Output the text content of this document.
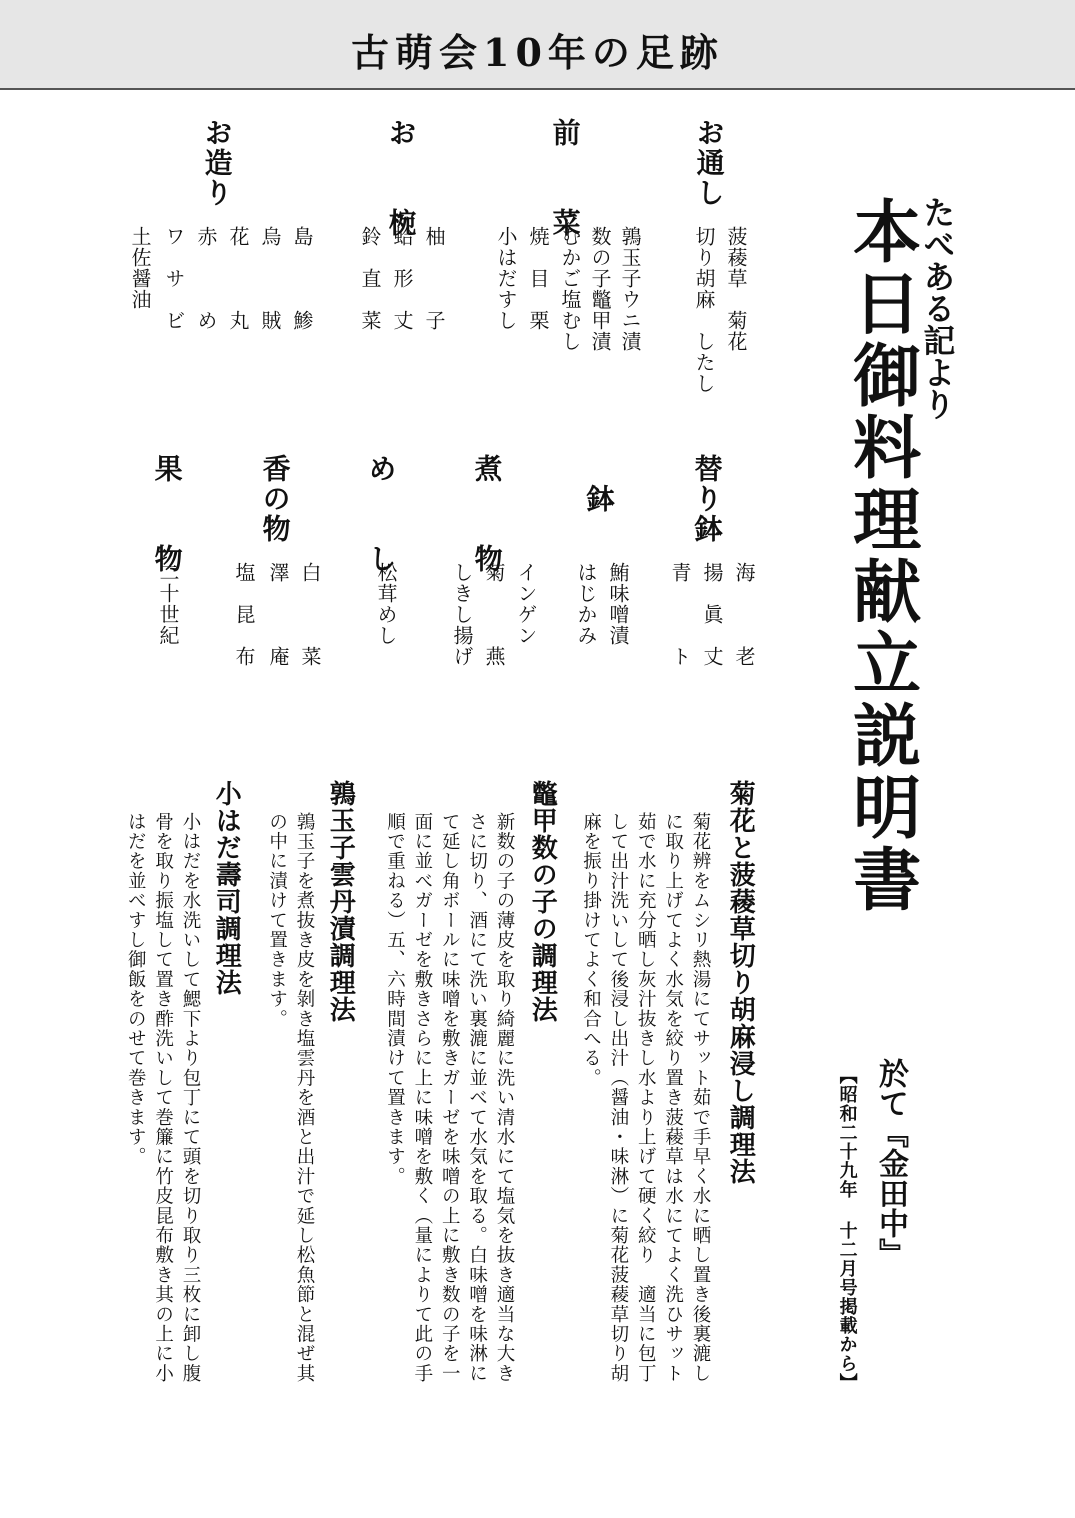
古萌会10年の足跡
たべある記より
本日御料理献立説明書
於て『金田中』
【昭和二十九年 十二月号掲載から】
お通し
菠薐草　菊花
切り胡麻　したし
前　　菜
鶉玉子ウニ漬
数の子鼈甲漬
むかご塩むし
焼　目　栗
小はだすし
お　　椀
柚　　　子
蛤　形　丈
鈴　直　菜
お造り
島　　　鯵
烏　　　賊
花　　　丸
赤　　　め
ワ　サ　ビ
土佐醤油
替り鉢
海　　　老
揚　眞　丈
青　　　ト
鉢
鮪味噌漬
はじかみ
煮　　物
インゲン
菊　　　燕
しきし揚げ
め　　し
松茸めし
香の物
白　　　菜
澤　　　庵
塩　昆　布
果　　物
二十世紀
菊花と菠薐草切り胡麻浸し調理法
菊花辨をムシリ熱湯にてサット茹で手早く水に晒し置き後裏漉しに取り上げてよく水気を絞り置き菠薐草は水にてよく洗ひサット茹で水に充分晒し灰汁抜きし水より上げて硬く絞り　適当に包丁して出汁洗いして後浸し出汁（醤油・味淋）に菊花菠薐草切り胡麻を振り掛けてよく和合へる。
鼈甲数の子の調理法
新数の子の薄皮を取り綺麗に洗い清水にて塩気を抜き適当な大きさに切り、酒にて洗い裏漉に並べて水気を取る。白味噌を味淋にて延し角ボールに味噌を敷きガーゼを味噌の上に敷き数の子を一面に並べガーゼを敷きさらに上に味噌を敷く（量によりて此の手順で重ねる）五、六時間漬けて置きます。
鶉玉子雲丹漬調理法
鶉玉子を煮抜き皮を剝き塩雲丹を酒と出汁で延し松魚節と混ぜ其の中に漬けて置きます。
小はだ壽司調理法
小はだを水洗いして鰓下より包丁にて頭を切り取り三枚に卸し腹骨を取り振塩して置き酢洗いして巻簾に竹皮昆布敷き其の上に小はだを並べすし御飯をのせて巻きます。
